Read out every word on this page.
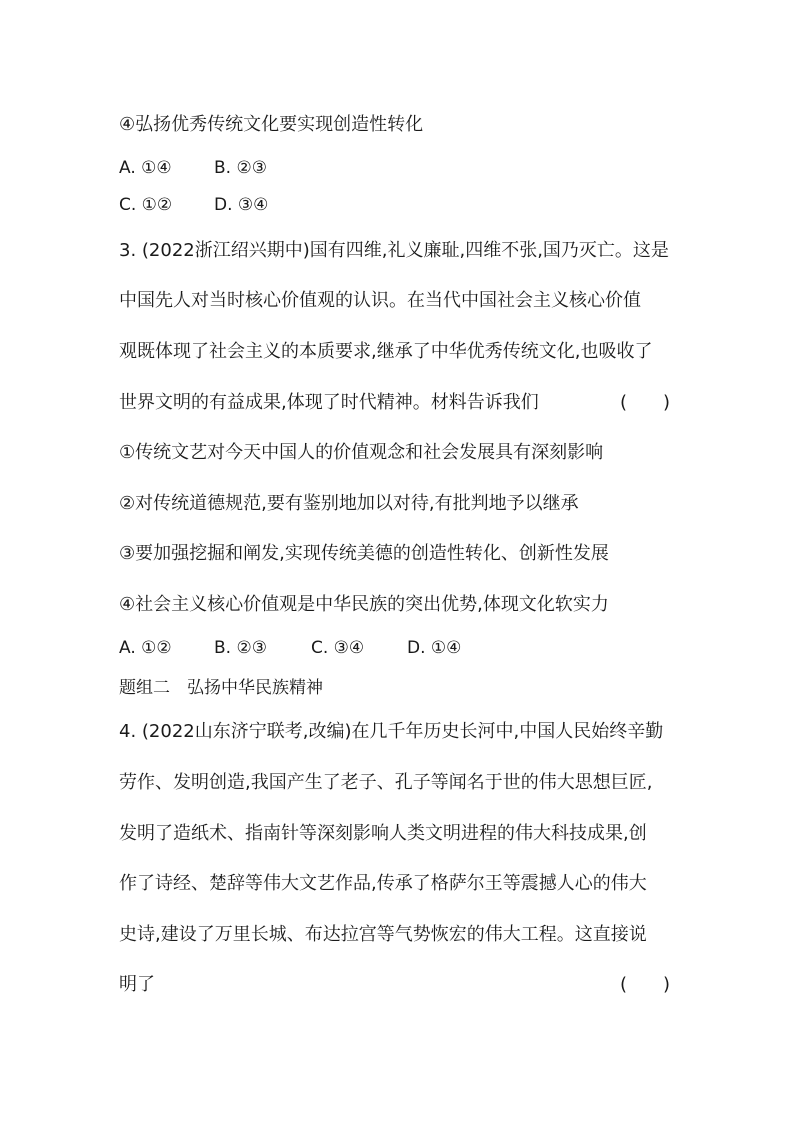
④弘扬优秀传统文化要实现创造性转化
A. ①④ B. ②③
C. ①② D. ③④
3. (2022浙江绍兴期中)国有四维,礼义廉耻,四维不张,国乃灭亡。这是
中国先人对当时核心价值观的认识。在当代中国社会主义核心价值
观既体现了社会主义的本质要求,继承了中华优秀传统文化,也吸收了
世界文明的有益成果,体现了时代精神。材料告诉我们	(　　)
①传统文艺对今天中国人的价值观念和社会发展具有深刻影响
②对传统道德规范,要有鉴别地加以对待,有批判地予以继承
③要加强挖掘和阐发,实现传统美德的创造性转化、创新性发展
④社会主义核心价值观是中华民族的突出优势,体现文化软实力
A. ①② B. ②③	C. ③④	D. ①④
题组二　弘扬中华民族精神
4. (2022山东济宁联考,改编)在几千年历史长河中,中国人民始终辛勤
劳作、发明创造,我国产生了老子、孔子等闻名于世的伟大思想巨匠,
发明了造纸术、指南针等深刻影响人类文明进程的伟大科技成果,创
作了诗经、楚辞等伟大文艺作品,传承了格萨尔王等震撼人心的伟大
史诗,建设了万里长城、布达拉宫等气势恢宏的伟大工程。这直接说
明了	(　　)
